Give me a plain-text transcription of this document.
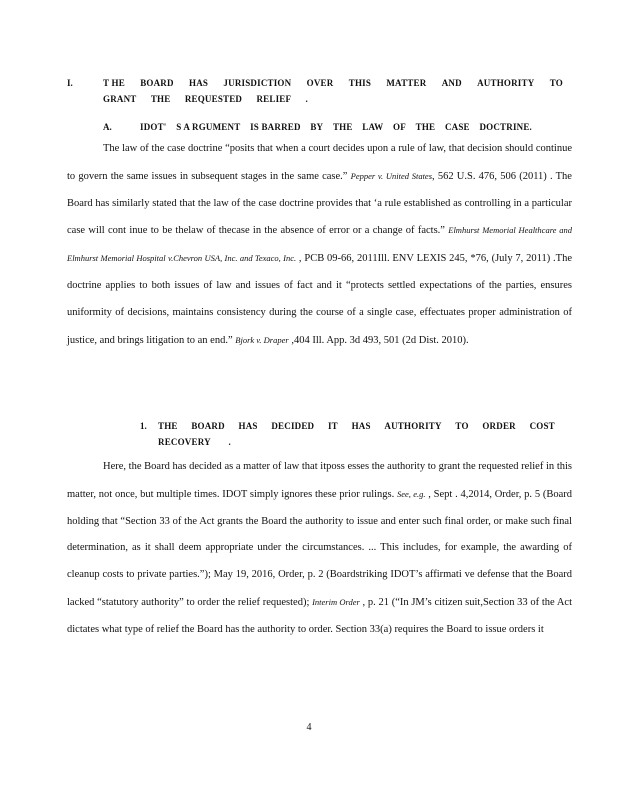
I.	T HE BOARD HAS JURISDICTION OVER THIS MATTER AND AUTHORITY TO
GRANT THE REQUESTED RELIEF .
A.	IDOT' S A RGUMENT IS BARRED BY THE LAW OF THE CASE DOCTRINE.

The law of the case doctrine “posits that when a court decides upon a rule of law, that decision should continue to govern the same issues in subsequent stages in the same case.” Pepper v. United States, 562 U.S. 476, 506 (2011) . The Board has similarly stated that the law of the case doctrine provides that ‘a rule established as controlling in a particular case will cont inue to be thelaw of thecase in the absence of error or a change of facts.” Elmhurst Memorial Healthcare and Elmhurst Memorial Hospital v.Chevron USA, Inc. and Texaco, Inc. , PCB 09-66, 2011Ill. ENV LEXIS 245, *76, (July 7, 2011) .The doctrine applies to both issues of law and issues of fact and it “protects settled expectations of the parties, ensures uniformity of decisions, maintains consistency during the course of a single case, effectuates proper administration of justice, and brings litigation to an end.” Bjork v. Draper ,404 Ill. App. 3d 493, 501 (2d Dist. 2010).

1. THE BOARD HAS DECIDED IT HAS AUTHORITY TO ORDER COST
RECOVERY .

Here, the Board has decided as a matter of law that itposs esses the authority to grant the requested relief in this matter, not once, but multiple times. IDOT simply ignores these prior rulings. See, e.g. , Sept . 4,2014, Order, p. 5 (Board holding that “Section 33 of the Act grants the Board the authority to issue and enter such final order, or make such final determination, as it shall deem appropriate under the circumstances. ... This includes, for example, the awarding of cleanup costs to private parties.”); May 19, 2016, Order, p. 2 (Boardstriking IDOT’s affirmati ve defense that the Board lacked “statutory authority” to order the relief requested); Interim Order , p. 21 (“In JM’s citizen suit,Section 33 of the Act dictates what type of relief the Board has the authority to order. Section 33(a) requires the Board to issue orders it

4
